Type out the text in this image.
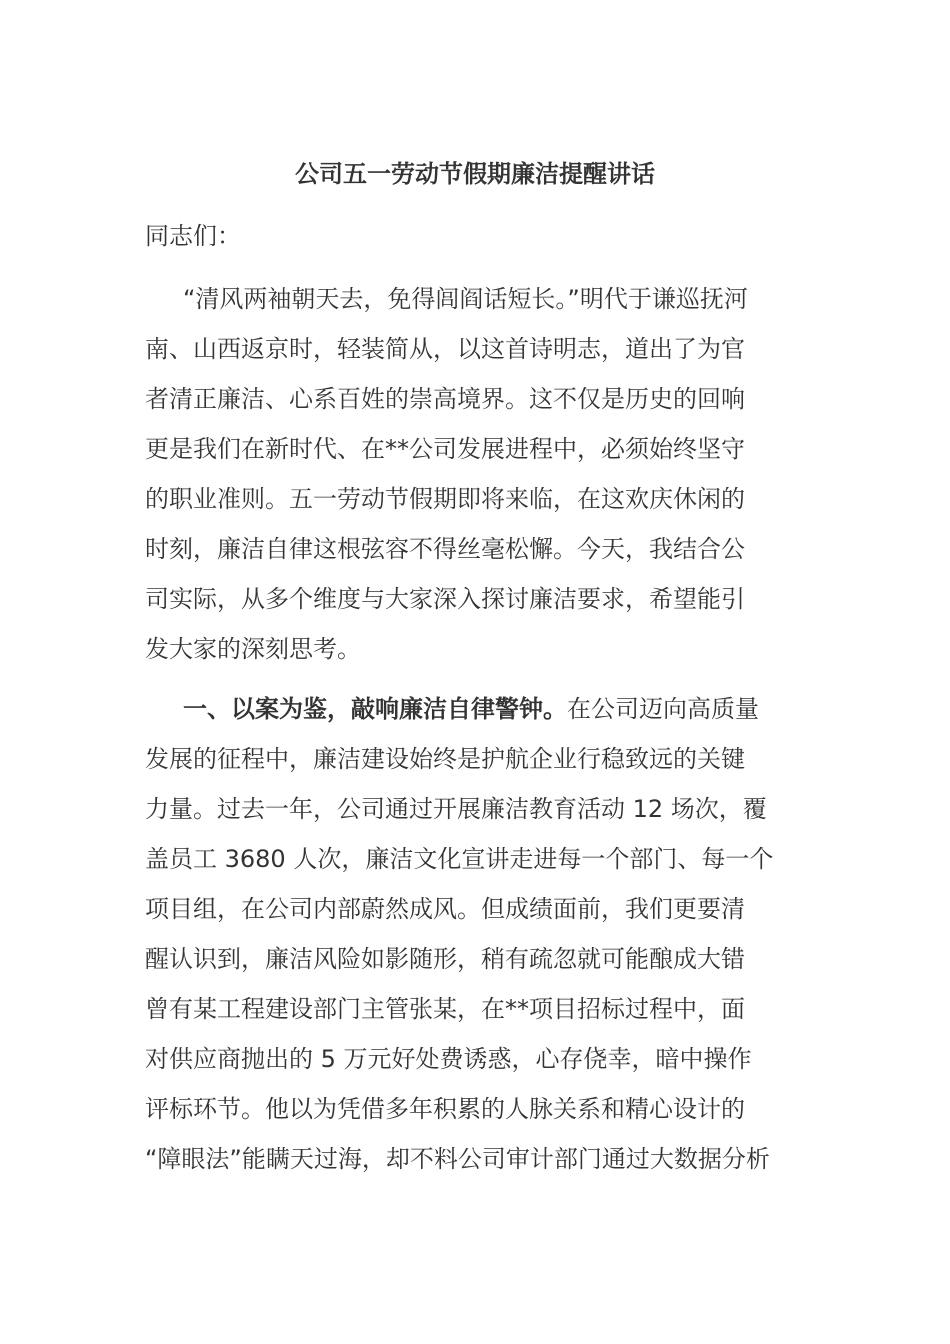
公司五一劳动节假期廉洁提醒讲话
同志们：
“清风两袖朝天去，免得闾阎话短长。”明代于谦巡抚河
南、山西返京时，轻装简从，以这首诗明志，道出了为官
者清正廉洁、心系百姓的崇高境界。这不仅是历史的回响
更是我们在新时代、在**公司发展进程中，必须始终坚守
的职业准则。五一劳动节假期即将来临，在这欢庆休闲的
时刻，廉洁自律这根弦容不得丝毫松懈。今天，我结合公
司实际，从多个维度与大家深入探讨廉洁要求，希望能引
发大家的深刻思考。
一、以案为鉴，敲响廉洁自律警钟。在公司迈向高质量
发展的征程中，廉洁建设始终是护航企业行稳致远的关键
力量。过去一年，公司通过开展廉洁教育活动 12 场次，覆
盖员工 3680 人次，廉洁文化宣讲走进每一个部门、每一个
项目组，在公司内部蔚然成风。但成绩面前，我们更要清
醒认识到，廉洁风险如影随形，稍有疏忽就可能酿成大错
曾有某工程建设部门主管张某，在**项目招标过程中，面
对供应商抛出的 5 万元好处费诱惑，心存侥幸，暗中操作
评标环节。他以为凭借多年积累的人脉关系和精心设计的
“障眼法”能瞒天过海，却不料公司审计部门通过大数据分析
